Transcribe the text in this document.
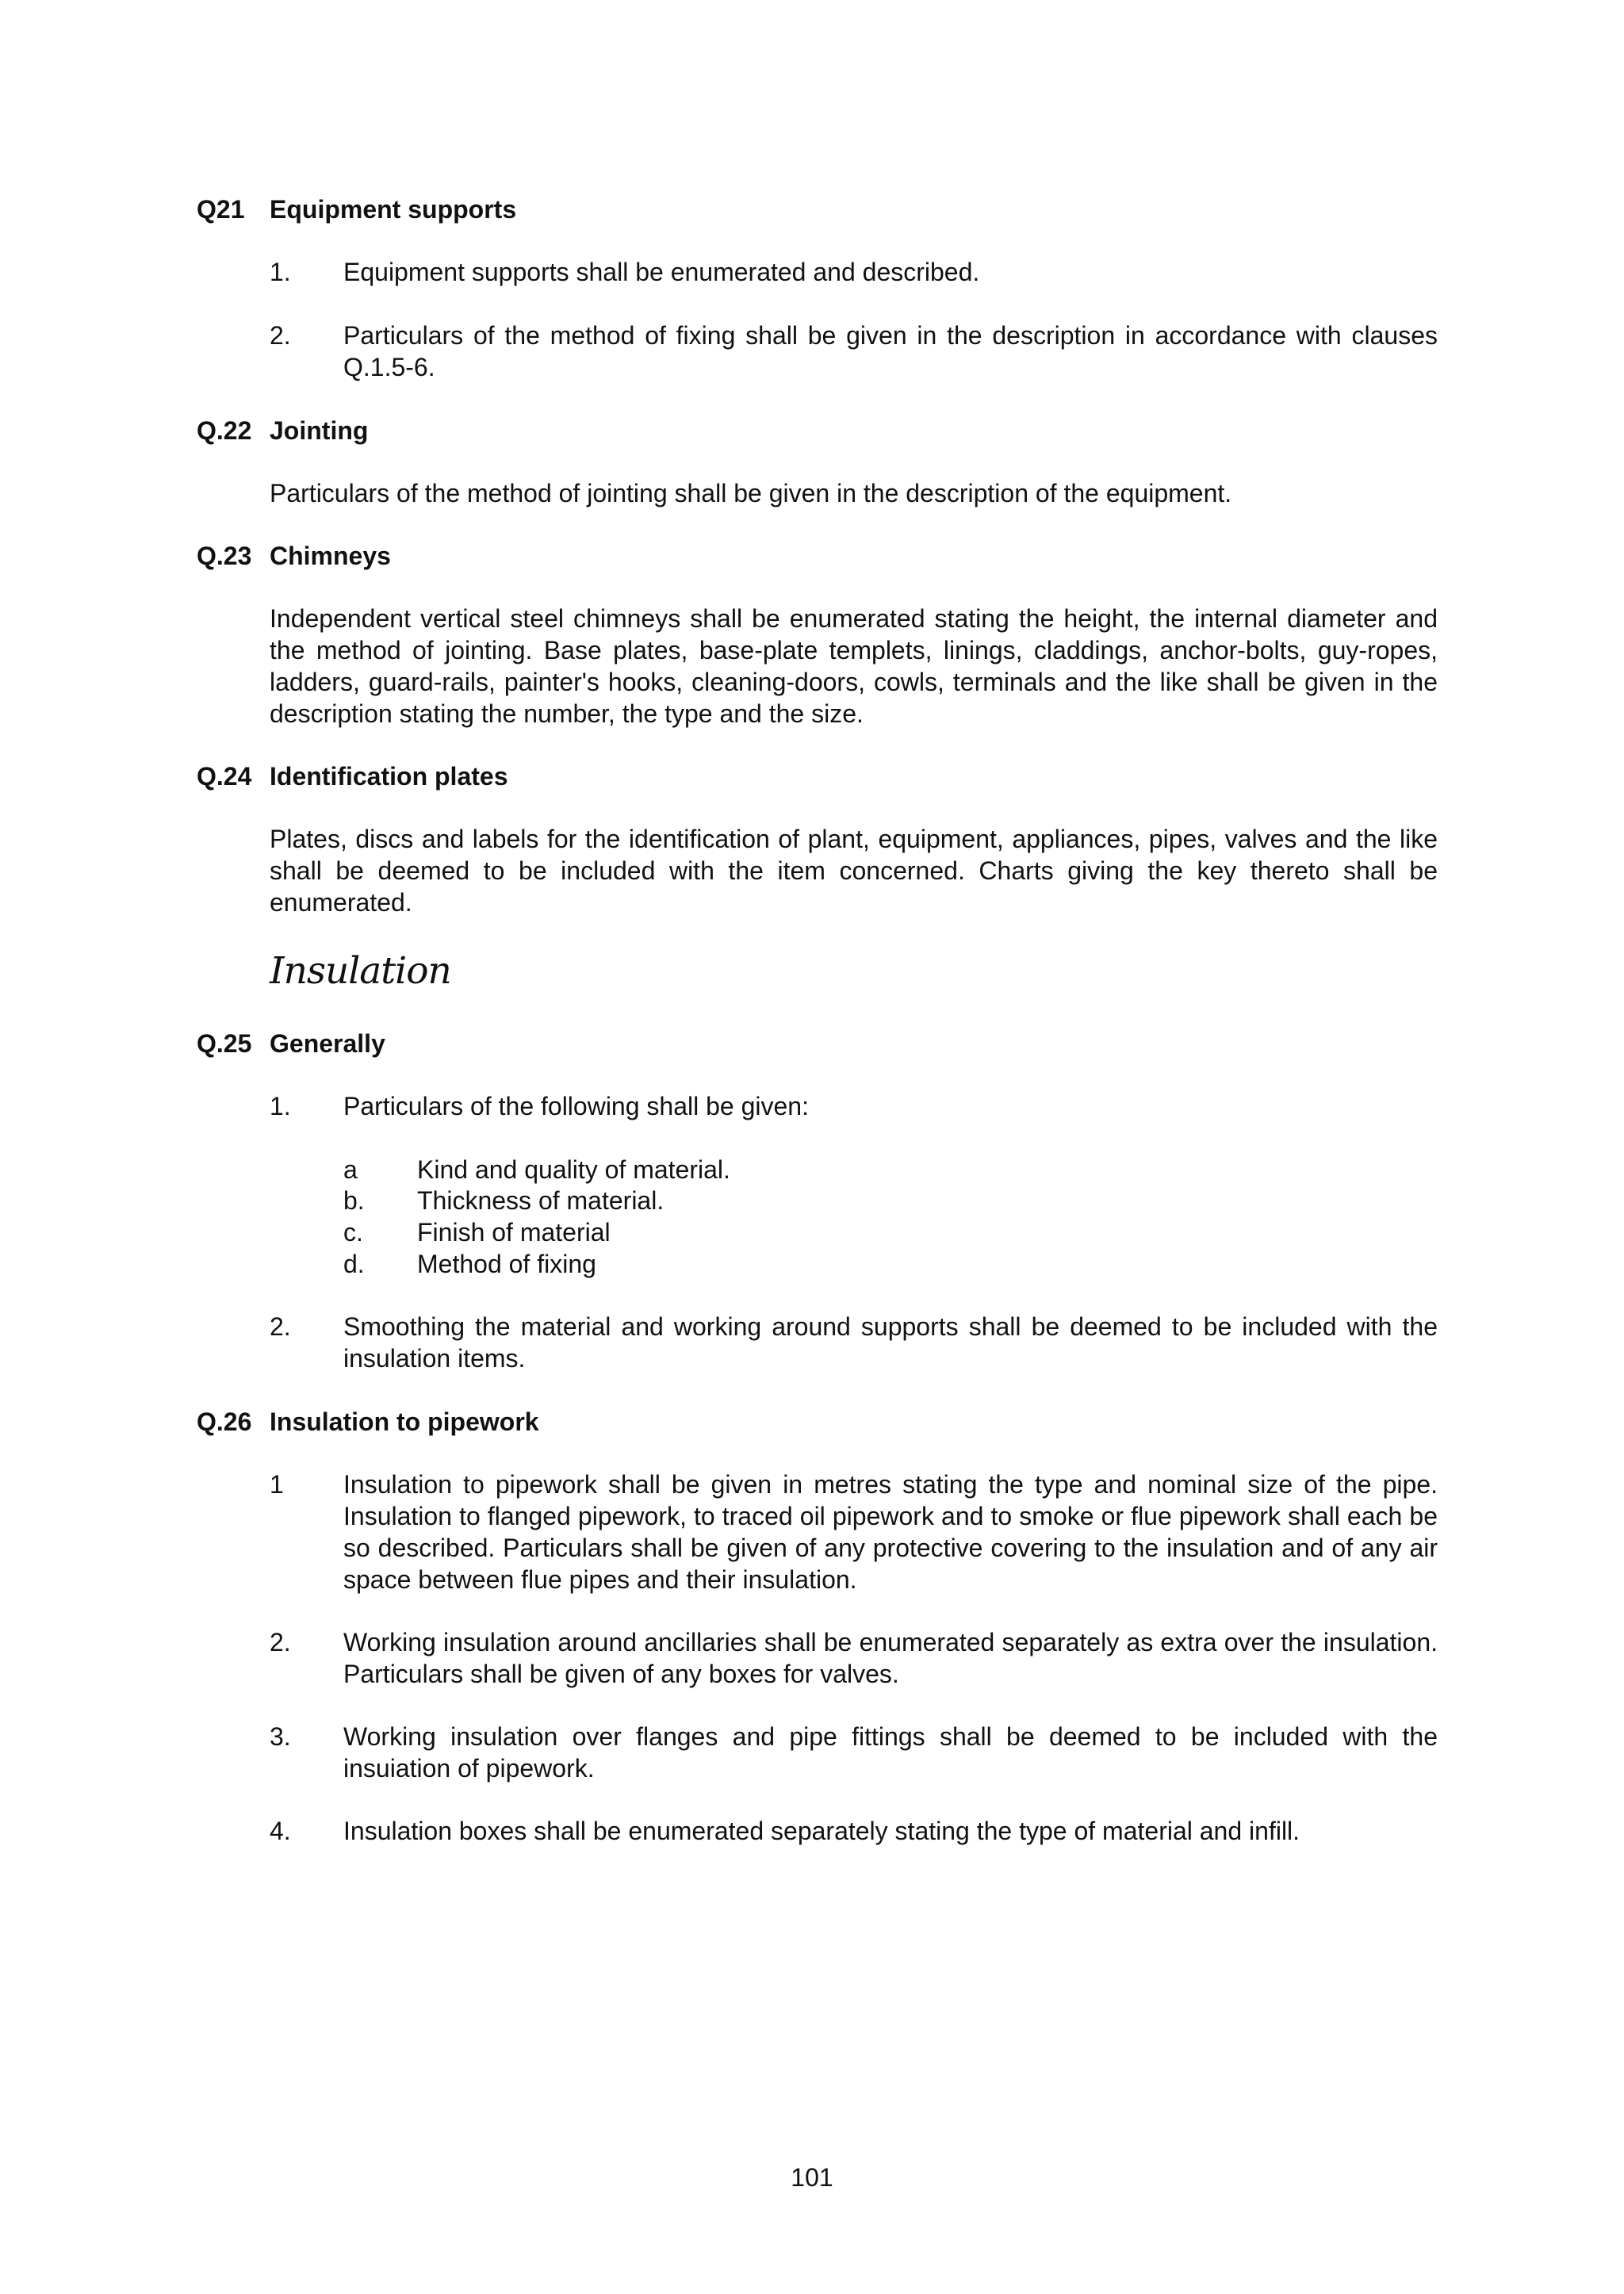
Q21 Equipment supports
1. Equipment supports shall be enumerated and described.
2. Particulars of the method of fixing shall be given in the description in accordance with clauses Q.1.5-6.
Q.22 Jointing
Particulars of the method of jointing shall be given in the description of the equipment.
Q.23 Chimneys
Independent vertical steel chimneys shall be enumerated stating the height, the internal diameter and the method of jointing. Base plates, base-plate templets, linings, claddings, anchor-bolts, guy-ropes, ladders, guard-rails, painter's hooks, cleaning-doors, cowls, terminals and the like shall be given in the description stating the number, the type and the size.
Q.24 Identification plates
Plates, discs and labels for the identification of plant, equipment, appliances, pipes, valves and the like shall be deemed to be included with the item concerned. Charts giving the key thereto shall be enumerated.
Insulation
Q.25 Generally
1. Particulars of the following shall be given:
a Kind and quality of material.
b. Thickness of material.
c. Finish of material
d. Method of fixing
2. Smoothing the material and working around supports shall be deemed to be included with the insulation items.
Q.26 Insulation to pipework
1 Insulation to pipework shall be given in metres stating the type and nominal size of the pipe. Insulation to flanged pipework, to traced oil pipework and to smoke or flue pipework shall each be so described. Particulars shall be given of any protective covering to the insulation and of any air space between flue pipes and their insulation.
2. Working insulation around ancillaries shall be enumerated separately as extra over the insulation. Particulars shall be given of any boxes for valves.
3. Working insulation over flanges and pipe fittings shall be deemed to be included with the insuiation of pipework.
4. Insulation boxes shall be enumerated separately stating the type of material and infill.
101
